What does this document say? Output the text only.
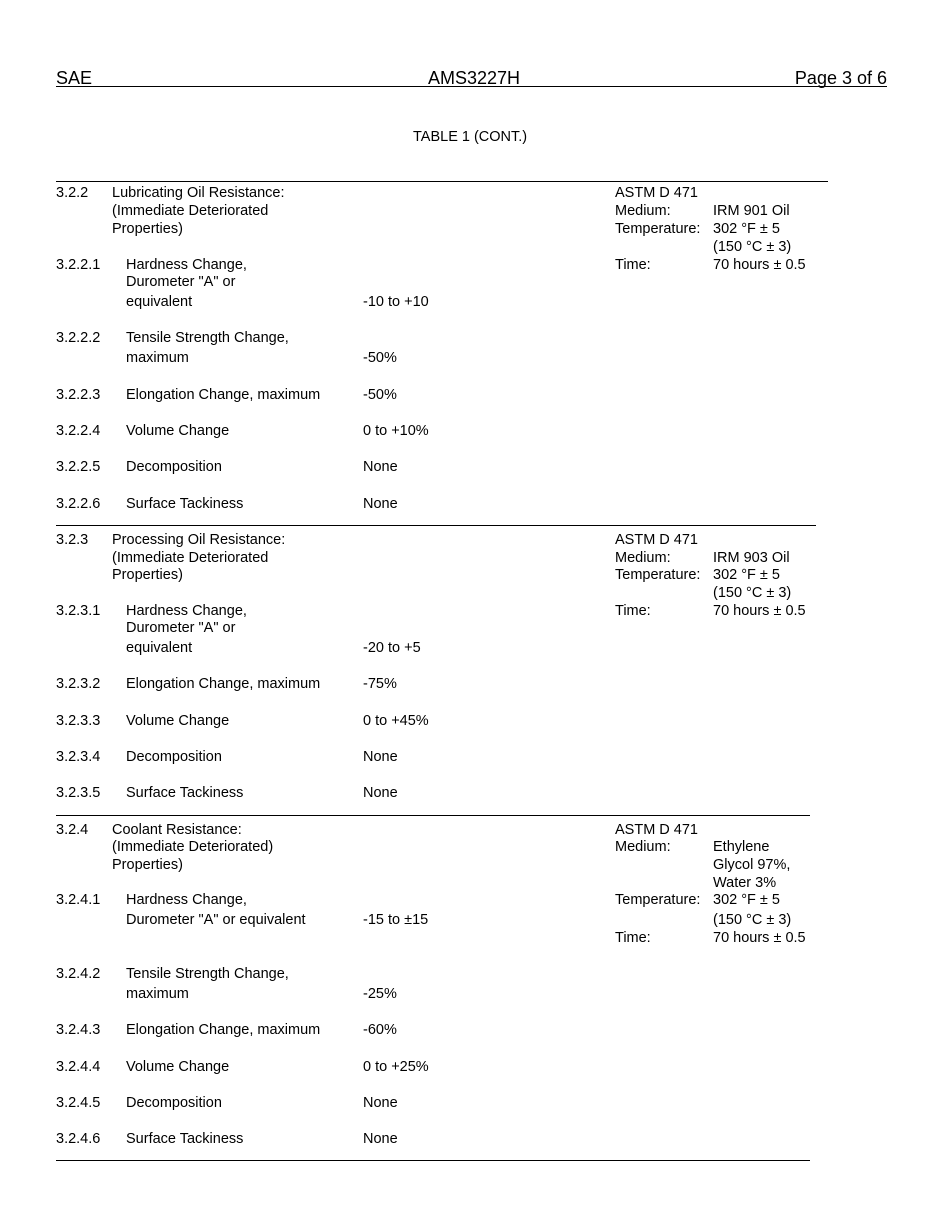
SAE	AMS3227H	Page 3 of 6
TABLE 1 (CONT.)
3.2.2 Lubricating Oil Resistance:
(Immediate Deteriorated
Properties)
ASTM D 471
Medium:	IRM 901 Oil
Temperature: 302 °F ± 5
(150 °C ± 3)
Time:	70 hours ± 0.5
3.2.2.1 Hardness Change,
Durometer "A" or
equivalent	-10 to +10
3.2.2.2 Tensile Strength Change,
maximum	-50%
3.2.2.3 Elongation Change, maximum	-50%
3.2.2.4 Volume Change	0 to +10%
3.2.2.5 Decomposition	None
3.2.2.6 Surface Tackiness	None
3.2.3 Processing Oil Resistance:
(Immediate Deteriorated
Properties)
ASTM D 471
Medium:	IRM 903 Oil
Temperature: 302 °F ± 5
(150 °C ± 3)
Time:	70 hours ± 0.5
3.2.3.1 Hardness Change,
Durometer "A" or
equivalent	-20 to +5
3.2.3.2 Elongation Change, maximum	-75%
3.2.3.3 Volume Change	0 to +45%
3.2.3.4 Decomposition	None
3.2.3.5 Surface Tackiness	None
3.2.4 Coolant Resistance:
(Immediate Deteriorated)
Properties)
ASTM D 471
Medium:	Ethylene
Glycol 97%,
Water 3%
Temperature: 302 °F ± 5
(150 °C ± 3)
Time:	70 hours ± 0.5
3.2.4.1 Hardness Change,
Durometer "A" or equivalent	-15 to ±15
3.2.4.2 Tensile Strength Change,
maximum	-25%
3.2.4.3 Elongation Change, maximum	-60%
3.2.4.4 Volume Change	0 to +25%
3.2.4.5 Decomposition	None
3.2.4.6 Surface Tackiness	None
